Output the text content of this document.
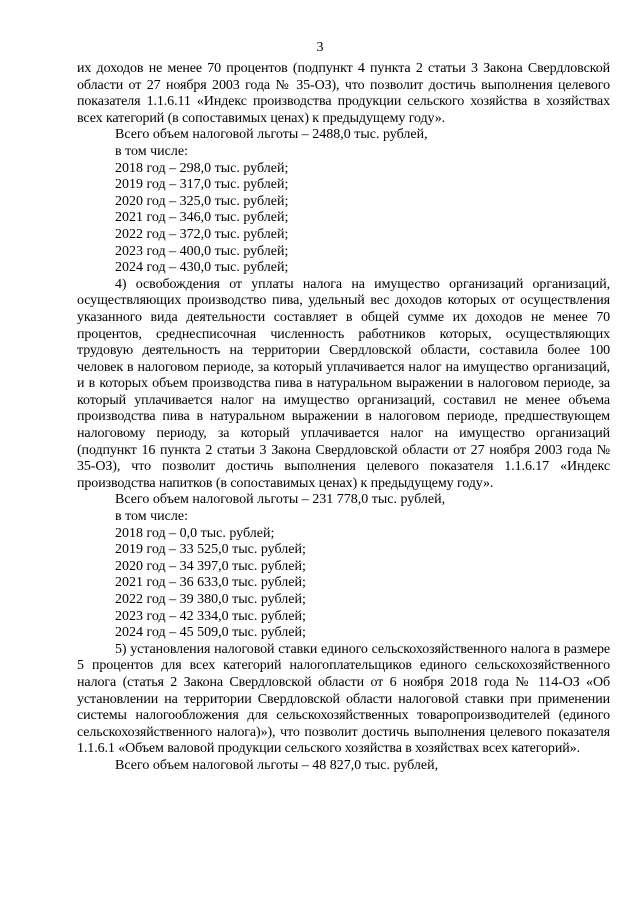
3

их доходов не менее 70 процентов (подпункт 4 пункта 2 статьи 3 Закона Свердловской области от 27 ноября 2003 года № 35-ОЗ), что позволит достичь выполнения целевого показателя 1.1.6.11 «Индекс производства продукции сельского хозяйства в хозяйствах всех категорий (в сопоставимых ценах) к предыдущему году».

Всего объем налоговой льготы – 2488,0 тыс. рублей,

в том числе:

2018 год – 298,0 тыс. рублей;

2019 год – 317,0 тыс. рублей;

2020 год – 325,0 тыс. рублей;

2021 год – 346,0 тыс. рублей;

2022 год – 372,0 тыс. рублей;

2023 год – 400,0 тыс. рублей;

2024 год – 430,0 тыс. рублей;

4) освобождения от уплаты налога на имущество организаций организаций, осуществляющих производство пива, удельный вес доходов которых от осуществления указанного вида деятельности составляет в общей сумме их доходов не менее 70 процентов, среднесписочная численность работников которых, осуществляющих трудовую деятельность на территории Свердловской области, составила более 100 человек в налоговом периоде, за который уплачивается налог на имущество организаций, и в которых объем производства пива в натуральном выражении в налоговом периоде, за который уплачивается налог на имущество организаций, составил не менее объема производства пива в натуральном выражении в налоговом периоде, предшествующем налоговому периоду, за который уплачивается налог на имущество организаций (подпункт 16 пункта 2 статьи 3 Закона Свердловской области от 27 ноября 2003 года № 35-ОЗ), что позволит достичь выполнения целевого показателя 1.1.6.17 «Индекс производства напитков (в сопоставимых ценах) к предыдущему году».

Всего объем налоговой льготы – 231 778,0 тыс. рублей,

в том числе:

2018 год – 0,0 тыс. рублей;

2019 год – 33 525,0 тыс. рублей;

2020 год – 34 397,0 тыс. рублей;

2021 год – 36 633,0 тыс. рублей;

2022 год – 39 380,0 тыс. рублей;

2023 год – 42 334,0 тыс. рублей;

2024 год – 45 509,0 тыс. рублей;

5) установления налоговой ставки единого сельскохозяйственного налога в размере 5 процентов для всех категорий налогоплательщиков единого сельскохозяйственного налога (статья 2 Закона Свердловской области от 6 ноября 2018 года № 114-ОЗ «Об установлении на территории Свердловской области налоговой ставки при применении системы налогообложения для сельскохозяйственных товаропроизводителей (единого сельскохозяйственного налога)»), что позволит достичь выполнения целевого показателя 1.1.6.1 «Объем валовой продукции сельского хозяйства в хозяйствах всех категорий».

Всего объем налоговой льготы – 48 827,0 тыс. рублей,
